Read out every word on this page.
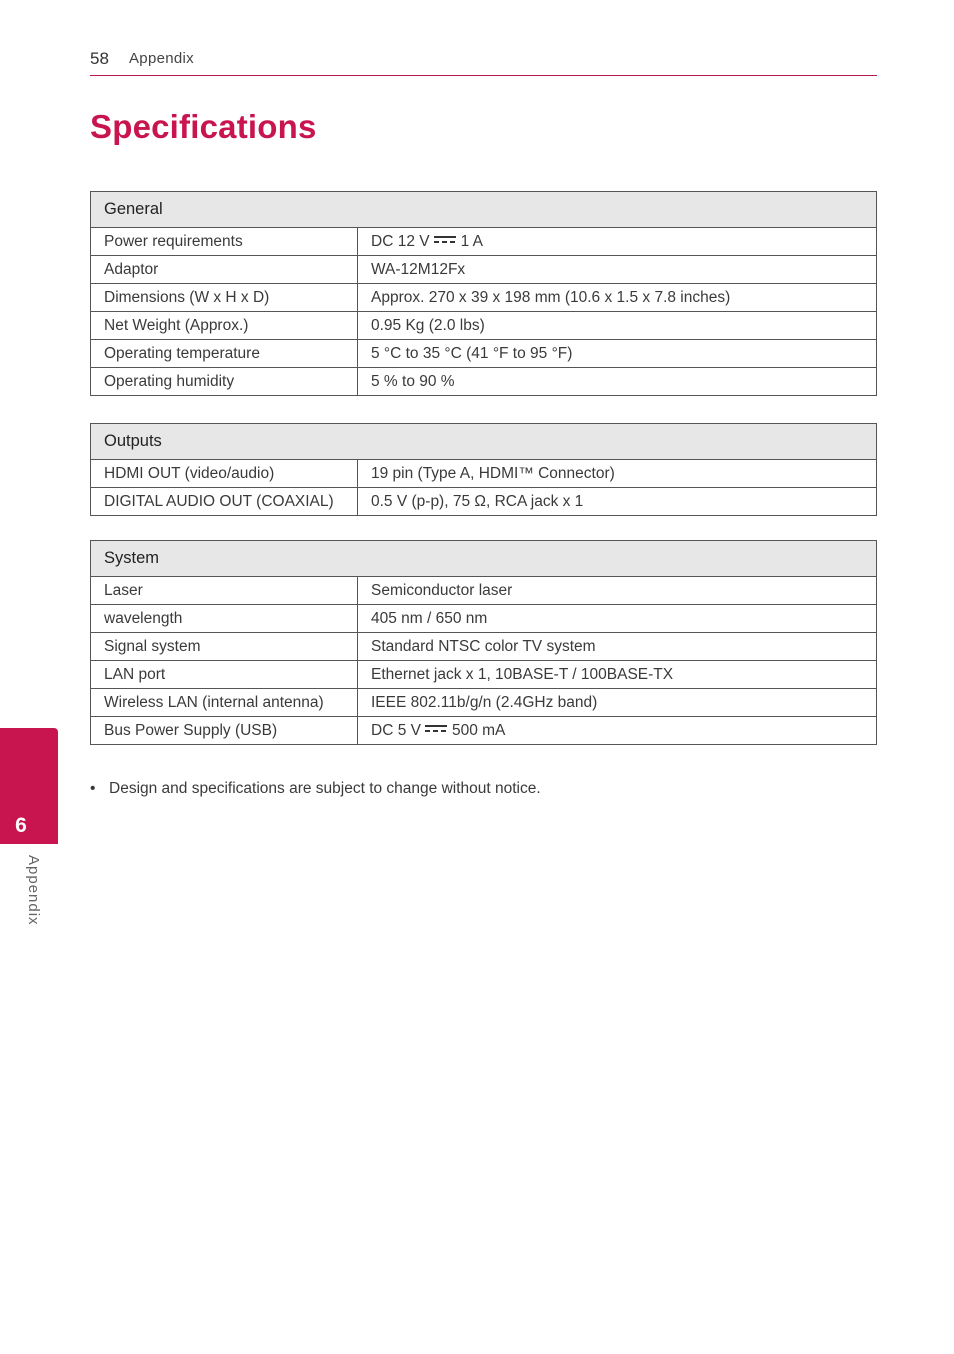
58 Appendix
Specifications
General	
Power requirements	DC 12 V 1 A
Adaptor	WA-12M12Fx
Dimensions (W x H x D)	Approx. 270 x 39 x 198 mm (10.6 x 1.5 x 7.8 inches)
Net Weight (Approx.)	0.95 Kg (2.0 lbs)
Operating temperature	5 °C to 35 °C (41 °F to 95 °F)
Operating humidity	5 % to 90 %
Outputs	
HDMI OUT (video/audio)	19 pin (Type A, HDMI™ Connector)
DIGITAL AUDIO OUT (COAXIAL)	0.5 V (p-p), 75 Ω, RCA jack x 1
System	
Laser	Semiconductor laser
wavelength	405 nm / 650 nm
Signal system	Standard NTSC color TV system
LAN port	Ethernet jack x 1, 10BASE-T / 100BASE-TX
Wireless LAN (internal antenna)	IEEE 802.11b/g/n (2.4GHz band)
Bus Power Supply (USB)	DC 5 V 500 mA
• Design and specifications are subject to change without notice.
6
Appendix
